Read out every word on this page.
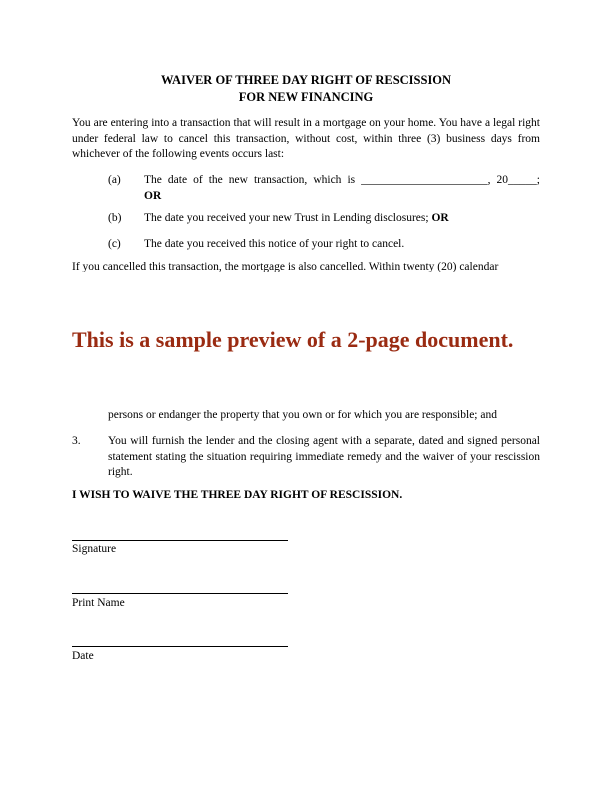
WAIVER OF THREE DAY RIGHT OF RESCISSION
FOR NEW FINANCING
You are entering into a transaction that will result in a mortgage on your home. You have a legal right under federal law to cancel this transaction, without cost, within three (3) business days from whichever of the following events occurs last:
(a) The date of the new transaction, which is ______________________, 20_____;
OR
(b) The date you received your new Trust in Lending disclosures; OR
(c) The date you received this notice of your right to cancel.
If you cancelled this transaction, the mortgage is also cancelled. Within twenty (20) calendar
This is a sample preview of a 2-page document.
persons or endanger the property that you own or for which you are responsible; and
3. You will furnish the lender and the closing agent with a separate, dated and signed personal statement stating the situation requiring immediate remedy and the waiver of your rescission right.
I WISH TO WAIVE THE THREE DAY RIGHT OF RESCISSION.
Signature
Print Name
Date
